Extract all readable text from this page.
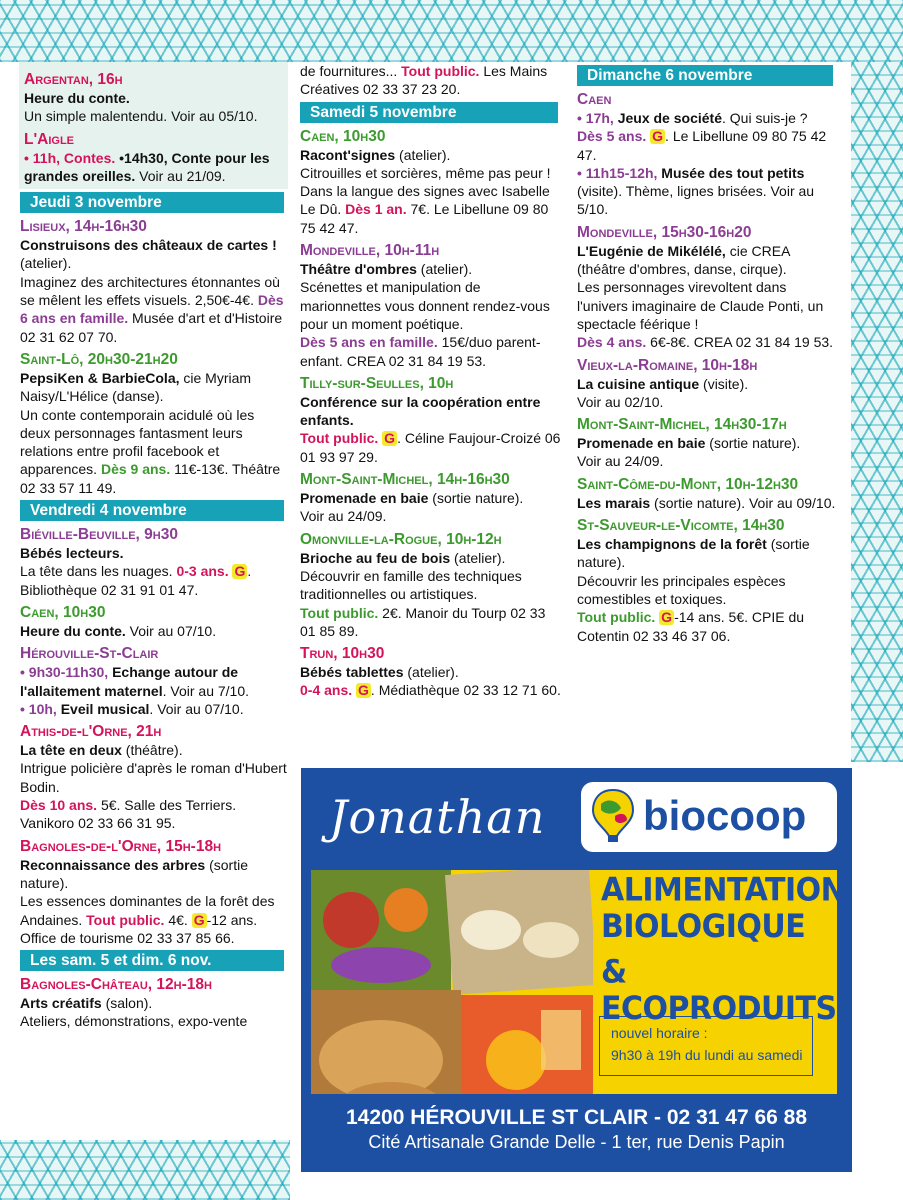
Argentan, 16h
Heure du conte.
Un simple malentendu. Voir au 05/10.
L'Aigle
• 11h, Contes. •14h30, Conte pour les grandes oreilles. Voir au 21/09.
Jeudi 3 novembre
Lisieux, 14h-16h30
Construisons des châteaux de cartes ! (atelier).
Imaginez des architectures étonnantes où se mêlent les effets visuels. 2,50€-4€. Dès 6 ans en famille. Musée d'art et d'Histoire 02 31 62 07 70.
Saint-Lô, 20h30-21h20
PepsiKen & BarbieCola, cie Myriam Naisy/L'Hélice (danse).
Un conte contemporain acidulé où les deux personnages fantasment leurs relations entre profil facebook et apparences. Dès 9 ans. 11€-13€. Théâtre 02 33 57 11 49.
Vendredi 4 novembre
Biéville-Beuville, 9h30
Bébés lecteurs.
La tête dans les nuages. 0-3 ans. G . Bibliothèque 02 31 91 01 47.
Caen, 10h30
Heure du conte. Voir au 07/10.
Hérouville-St-Clair
• 9h30-11h30, Echange autour de l'allaitement maternel. Voir au 7/10.
• 10h, Eveil musical. Voir au 07/10.
Athis-de-l'Orne, 21h
La tête en deux (théâtre).
Intrigue policière d'après le roman d'Hubert Bodin.
Dès 10 ans. 5€. Salle des Terriers. Vanikoro 02 33 66 31 95.
Bagnoles-de-l'Orne, 15h-18h
Reconnaissance des arbres (sortie nature).
Les essences dominantes de la forêt des Andaines. Tout public. 4€. G -12 ans. Office de tourisme 02 33 37 85 66.
Les sam. 5 et dim. 6 nov.
Bagnoles-Château, 12h-18h
Arts créatifs (salon).
Ateliers, démonstrations, expo-vente
de fournitures... Tout public. Les Mains Créatives 02 33 37 23 20.
Samedi 5 novembre
Caen, 10h30
Racont'signes (atelier).
Citrouilles et sorcières, même pas peur ! Dans la langue des signes avec Isabelle Le Dû. Dès 1 an. 7€. Le Libellune 09 80 75 42 47.
Mondeville, 10h-11h
Théâtre d'ombres (atelier).
Scénettes et manipulation de marionnettes vous donnent rendez-vous pour un moment poétique.
Dès 5 ans en famille. 15€/duo parent-enfant. CREA 02 31 84 19 53.
Tilly-sur-Seulles, 10h
Conférence sur la coopération entre enfants.
Tout public. G . Céline Faujour-Croizé 06 01 93 97 29.
Mont-Saint-Michel, 14h-16h30
Promenade en baie (sortie nature).
Voir au 24/09.
Omonville-la-Rogue, 10h-12h
Brioche au feu de bois (atelier).
Découvrir en famille des techniques traditionnelles ou artistiques.
Tout public. 2€. Manoir du Tourp 02 33 01 85 89.
Trun, 10h30
Bébés tablettes (atelier).
0-4 ans. G . Médiathèque 02 33 12 71 60.
Dimanche 6 novembre
Caen
• 17h, Jeux de société. Qui suis-je ? Dès 5 ans. G . Le Libellune 09 80 75 42 47.
• 11h15-12h, Musée des tout petits (visite). Thème, lignes brisées. Voir au 5/10.
Mondeville, 15h30-16h20
L'Eugénie de Mikélélé, cie CREA (théâtre d'ombres, danse, cirque).
Les personnages virevoltent dans l'univers imaginaire de Claude Ponti, un spectacle féérique !
Dès 4 ans. 6€-8€. CREA 02 31 84 19 53.
Vieux-la-Romaine, 10h-18h
La cuisine antique (visite).
Voir au 02/10.
Mont-Saint-Michel, 14h30-17h
Promenade en baie (sortie nature).
Voir au 24/09.
Saint-Côme-du-Mont, 10h-12h30
Les marais (sortie nature). Voir au 09/10.
St-Sauveur-le-Vicomte, 14h30
Les champignons de la forêt (sortie nature).
Découvrir les principales espèces comestibles et toxiques.
Tout public. G -14 ans. 5€. CPIE du Cotentin 02 33 46 37 06.
Jonathan biocoop
ALIMENTATION
BIOLOGIQUE
& ECOPRODUITS
nouvel horaire :
9h30 à 19h du lundi au samedi
14200 HÉROUVILLE ST CLAIR - 02 31 47 66 88
Cité Artisanale Grande Delle - 1 ter, rue Denis Papin
